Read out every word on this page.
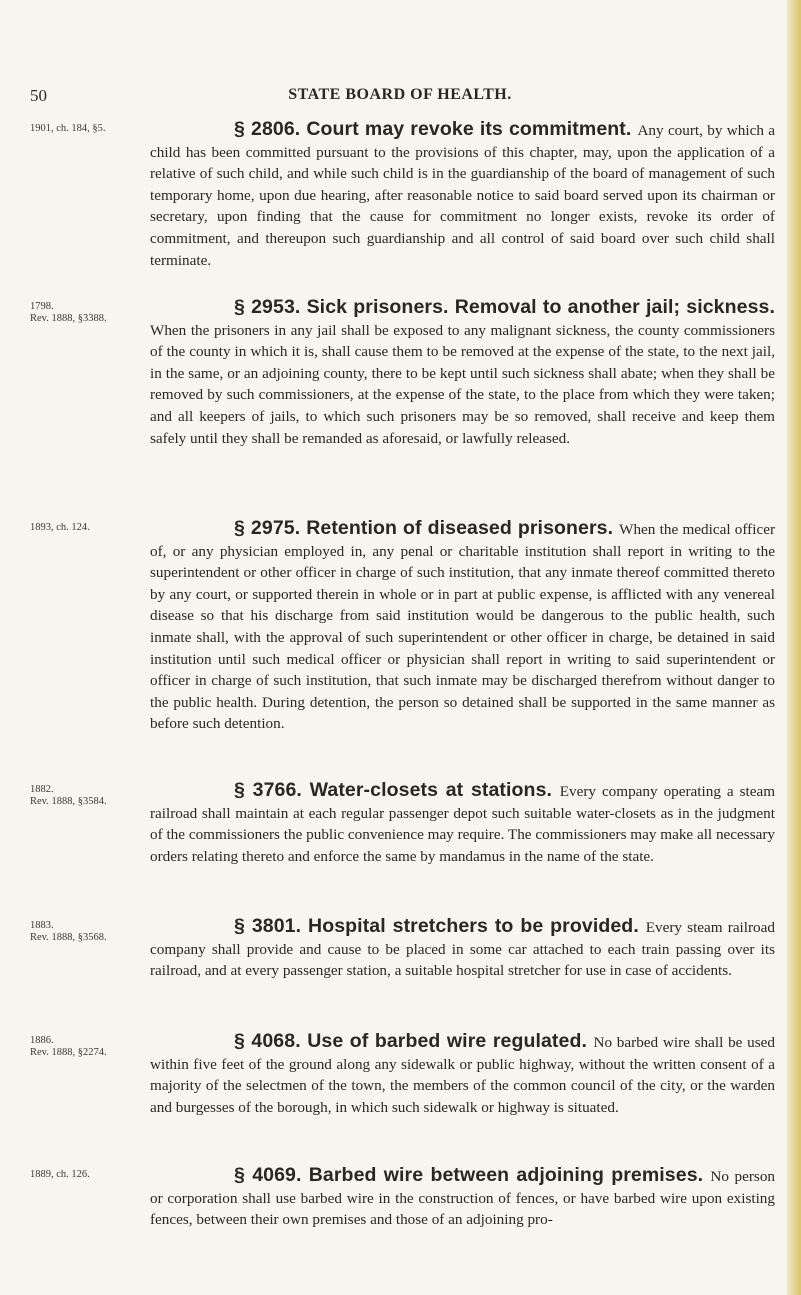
50	STATE BOARD OF HEALTH.
1901, ch. 184, §5.	§ 2806. Court may revoke its commitment. Any court, by which a child has been committed pursuant to the provisions of this chapter, may, upon the application of a relative of such child, and while such child is in the guardianship of the board of management of such temporary home, upon due hearing, after reasonable notice to said board served upon its chairman or secretary, upon finding that the cause for commitment no longer exists, revoke its order of commitment, and thereupon such guardianship and all control of said board over such child shall terminate.
1798.
Rev. 1888, §3388.
§ 2953. Sick prisoners. Removal to another jail; sickness. When the prisoners in any jail shall be exposed to any malignant sickness, the county commissioners of the county in which it is, shall cause them to be removed at the expense of the state, to the next jail, in the same, or an adjoining county, there to be kept until such sickness shall abate; when they shall be removed by such commissioners, at the expense of the state, to the place from which they were taken; and all keepers of jails, to which such prisoners may be so removed, shall receive and keep them safely until they shall be remanded as aforesaid, or lawfully released.
1893, ch. 124.	§ 2975. Retention of diseased prisoners. When the medical officer of, or any physician employed in, any penal or charitable institution shall report in writing to the superintendent or other officer in charge of such institution, that any inmate thereof committed thereto by any court, or supported therein in whole or in part at public expense, is afflicted with any venereal disease so that his discharge from said institution would be dangerous to the public health, such inmate shall, with the approval of such superintendent or other officer in charge, be detained in said institution until such medical officer or physician shall report in writing to said superintendent or officer in charge of such institution, that such inmate may be discharged therefrom without danger to the public health. During detention, the person so detained shall be supported in the same manner as before such detention.
1882.
Rev. 1888, §3584.
§ 3766. Water-closets at stations. Every company operating a steam railroad shall maintain at each regular passenger depot such suitable water-closets as in the judgment of the commissioners the public convenience may require. The commissioners may make all necessary orders relating thereto and enforce the same by mandamus in the name of the state.
1883.
Rev. 1888, §3568.
§ 3801. Hospital stretchers to be provided. Every steam railroad company shall provide and cause to be placed in some car attached to each train passing over its railroad, and at every passenger station, a suitable hospital stretcher for use in case of accidents.
1886.
Rev. 1888, §2274.
§ 4068. Use of barbed wire regulated. No barbed wire shall be used within five feet of the ground along any sidewalk or public highway, without the written consent of a majority of the selectmen of the town, the members of the common council of the city, or the warden and burgesses of the borough, in which such sidewalk or highway is situated.
1889, ch. 126.	§ 4069. Barbed wire between adjoining premises. No person or corporation shall use barbed wire in the construction of fences, or have barbed wire upon existing fences, between their own premises and those of an adjoining pro-
